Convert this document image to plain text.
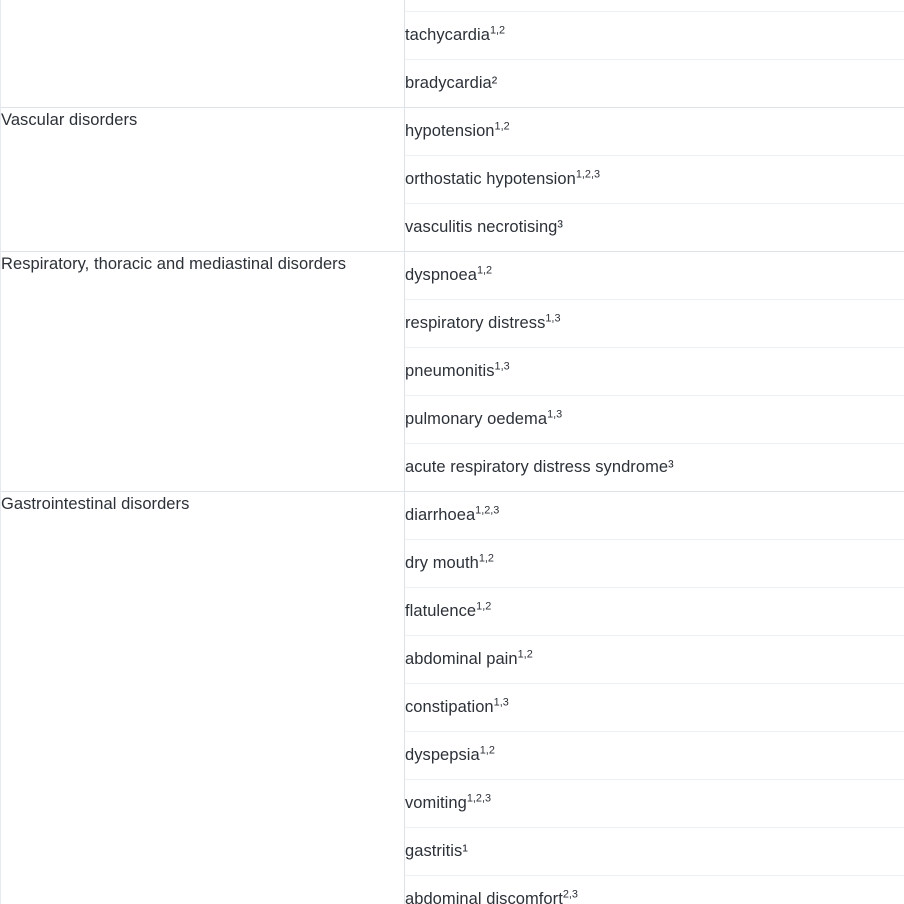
	tachycardia$^{1,2}$
	bradycardia²
Vascular disorders	hypotension$^{1,2}$
	orthostatic hypotension$^{1,2,3}$
	vasculitis necrotising³
Respiratory, thoracic and mediastinal disorders	dyspnoea$^{1,2}$
	respiratory distress$^{1,3}$
	pneumonitis$^{1,3}$
	pulmonary oedema$^{1,3}$
	acute respiratory distress syndrome³
Gastrointestinal disorders	diarrhoea$^{1,2,3}$
	dry mouth$^{1,2}$
	flatulence$^{1,2}$
	abdominal pain$^{1,2}$
	constipation$^{1,3}$
	dyspepsia$^{1,2}$
	vomiting$^{1,2,3}$
	gastritis¹
	abdominal discomfort$^{2,3}$
